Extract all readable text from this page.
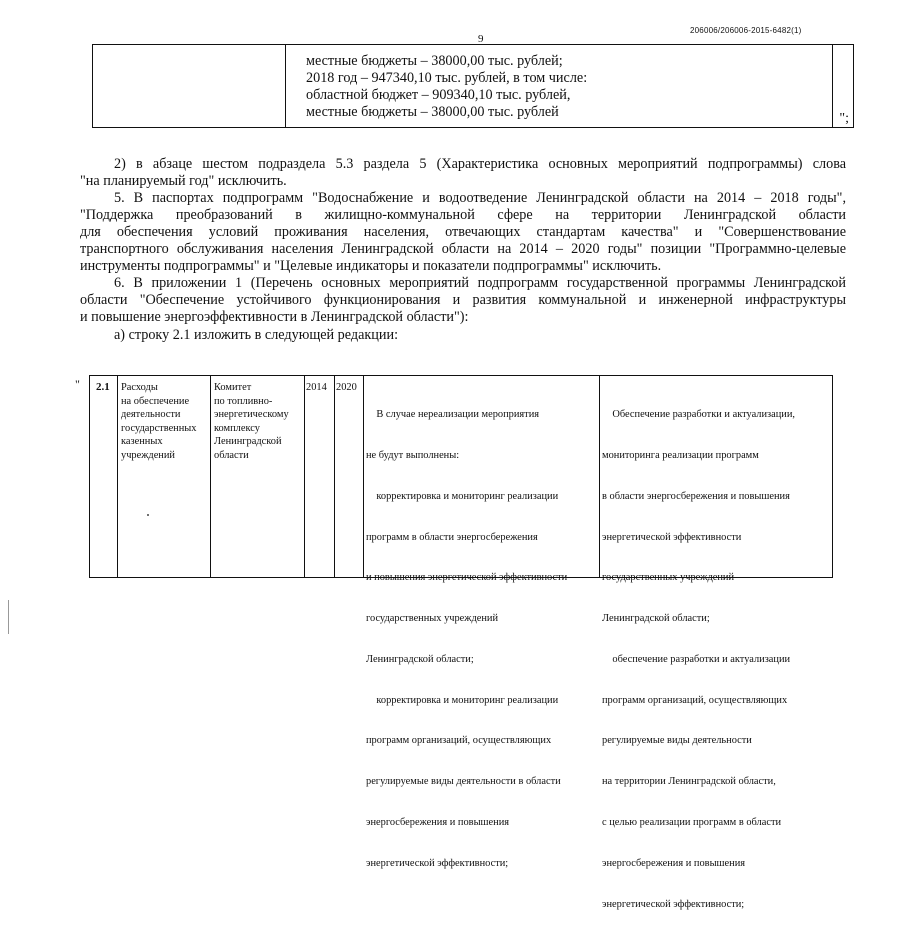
206006/206006-2015-6482(1)
9
местные бюджеты – 38000,00 тыс. рублей;
2018 год – 947340,10 тыс. рублей, в том числе:
областной бюджет – 909340,10 тыс. рублей,
местные бюджеты – 38000,00 тыс. рублей	";
2) в абзаце шестом подраздела 5.3 раздела 5 (Характеристика основных мероприятий подпрограммы) слова
"на планируемый год" исключить.
5. В паспортах подпрограмм "Водоснабжение и водоотведение Ленинградской области на 2014 – 2018 годы",
"Поддержка преобразований в жилищно-коммунальной сфере на территории Ленинградской области
для обеспечения условий проживания населения, отвечающих стандартам качества" и "Совершенствование
транспортного обслуживания населения Ленинградской области на 2014 – 2020 годы" позиции "Программно-целевые
инструменты подпрограммы" и "Целевые индикаторы и показатели подпрограммы" исключить.
6. В приложении 1 (Перечень основных мероприятий подпрограмм государственной программы Ленинградской
области "Обеспечение устойчивого функционирования и развития коммунальной и инженерной инфраструктуры
и повышение энергоэффективности в Ленинградской области"):
а) строку 2.1 изложить в следующей редакции:
" 2.1 Расходы
на обеспечение
деятельности
государственных
казенных
учреждений
Комитет
по топливно-
энергетическому
комплексу
Ленинградской
области
2014 2020

В случае нереализации мероприятия

не будут выполнены:

корректировка и мониторинг реализации

программ в области энергосбережения

и повышения энергетической эффективности

государственных учреждений

Ленинградской области;

корректировка и мониторинг реализации

программ организаций, осуществляющих

регулируемые виды деятельности в области

энергосбережения и повышения

энергетической эффективности;

Обеспечение разработки и актуализации,

мониторинга реализации программ

в области энергосбережения и повышения

энергетической эффективности

государственных учреждений

Ленинградской области;

обеспечение разработки и актуализации

программ организаций, осуществляющих

регулируемые виды деятельности

на территории Ленинградской области,

с целью реализации программ в области

энергосбережения и повышения

энергетической эффективности;
